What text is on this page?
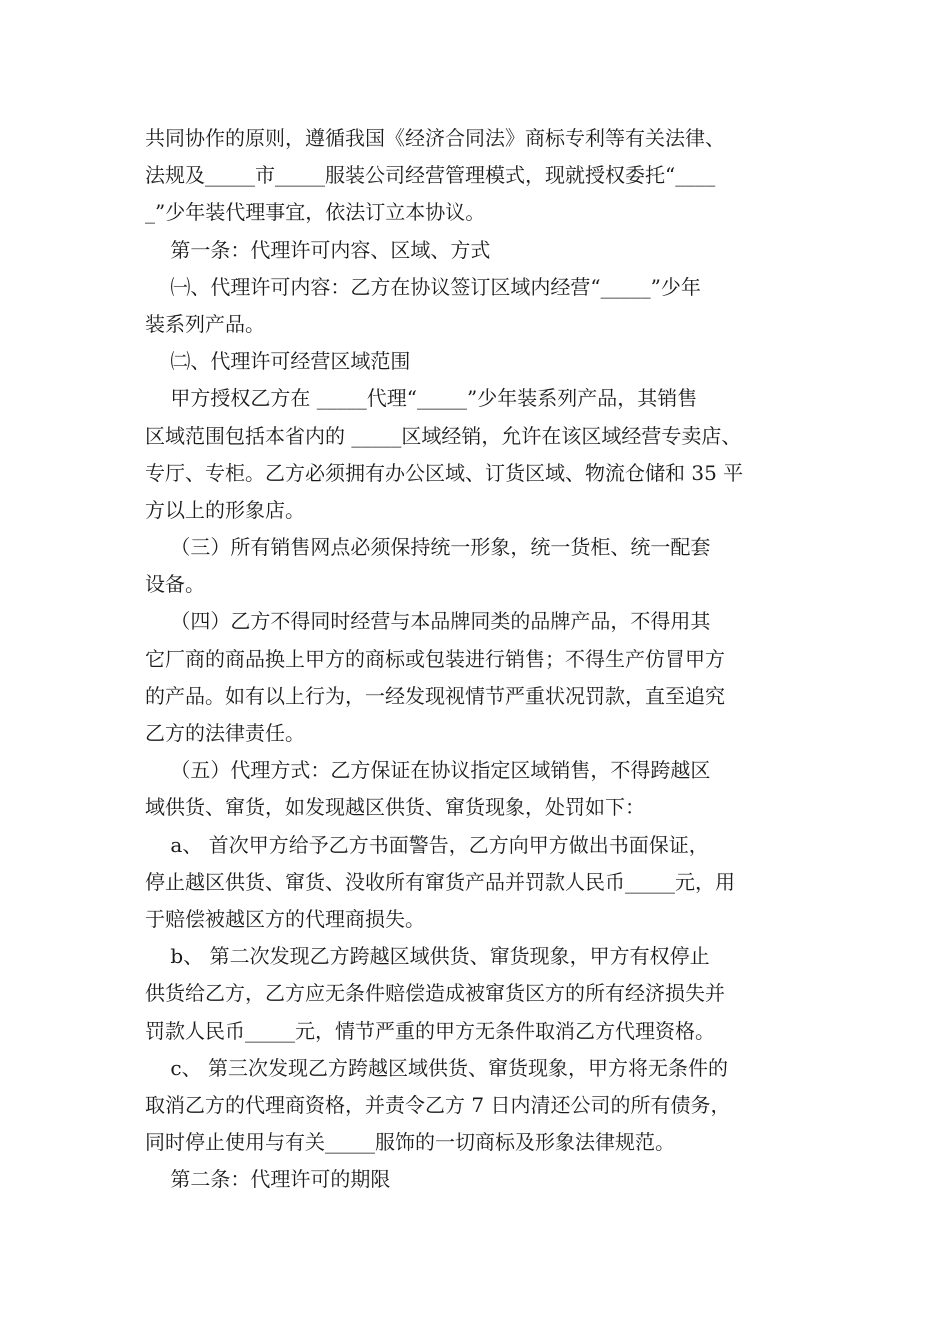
共同协作的原则，遵循我国《经济合同法》商标专利等有关法律、
法规及_____市_____服装公司经营管理模式，现就授权委托“____
_”少年装代理事宜，依法订立本协议。
第一条：代理许可内容、区域、方式
㈠、代理许可内容：乙方在协议签订区域内经营“_____”少年
装系列产品。
㈡、代理许可经营区域范围
甲方授权乙方在 _____代理“_____”少年装系列产品，其销售
区域范围包括本省内的 _____区域经销，允许在该区域经营专卖店、
专厅、专柜。乙方必须拥有办公区域、订货区域、物流仓储和 35 平
方以上的形象店。
（三）所有销售网点必须保持统一形象，统一货柜、统一配套
设备。
（四）乙方不得同时经营与本品牌同类的品牌产品，不得用其
它厂商的商品换上甲方的商标或包装进行销售；不得生产仿冒甲方
的产品。如有以上行为，一经发现视情节严重状况罚款，直至追究
乙方的法律责任。
（五）代理方式：乙方保证在协议指定区域销售，不得跨越区
域供货、窜货，如发现越区供货、窜货现象，处罚如下：
a、 首次甲方给予乙方书面警告，乙方向甲方做出书面保证，
停止越区供货、窜货、没收所有窜货产品并罚款人民币_____元，用
于赔偿被越区方的代理商损失。
b、 第二次发现乙方跨越区域供货、窜货现象，甲方有权停止
供货给乙方，乙方应无条件赔偿造成被窜货区方的所有经济损失并
罚款人民币_____元，情节严重的甲方无条件取消乙方代理资格。
c、 第三次发现乙方跨越区域供货、窜货现象，甲方将无条件的
取消乙方的代理商资格，并责令乙方 7 日内清还公司的所有债务，
同时停止使用与有关_____服饰的一切商标及形象法律规范。
第二条：代理许可的期限
